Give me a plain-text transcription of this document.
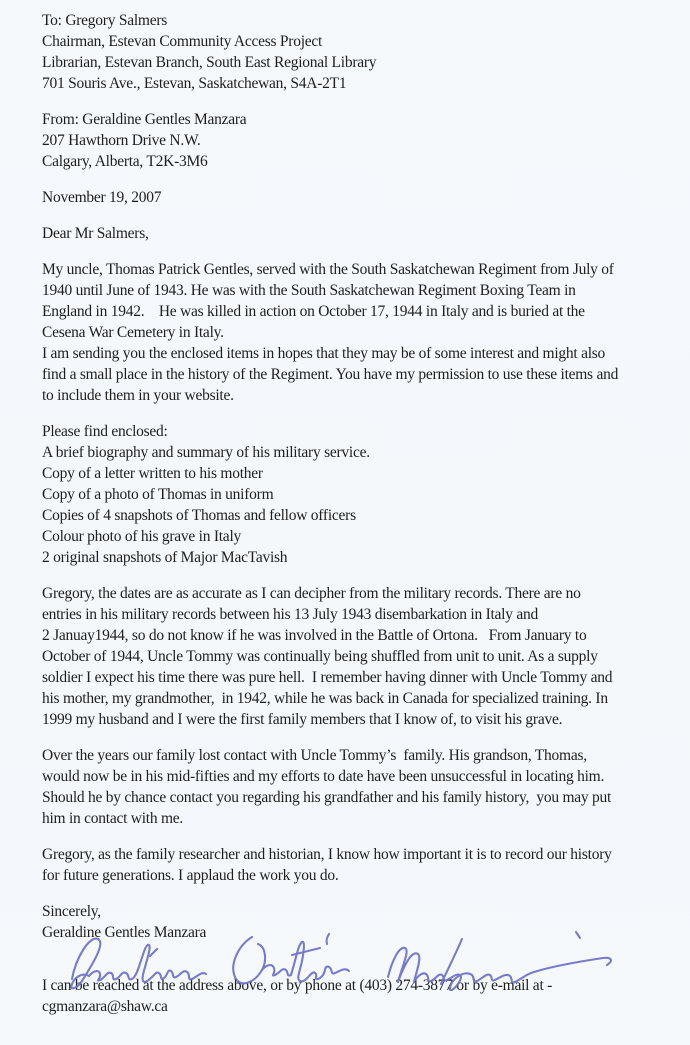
To: Gregory Salmers
Chairman, Estevan Community Access Project
Librarian, Estevan Branch, South East Regional Library
701 Souris Ave., Estevan, Saskatchewan, S4A-2T1
From: Geraldine Gentles Manzara
207 Hawthorn Drive N.W.
Calgary, Alberta, T2K-3M6
November 19, 2007
Dear Mr Salmers,
My uncle, Thomas Patrick Gentles, served with the South Saskatchewan Regiment from July of
1940 until June of 1943. He was with the South Saskatchewan Regiment Boxing Team in
England in 1942.    He was killed in action on October 17, 1944 in Italy and is buried at the
Cesena War Cemetery in Italy.
I am sending you the enclosed items in hopes that they may be of some interest and might also
find a small place in the history of the Regiment. You have my permission to use these items and
to include them in your website.
Please find enclosed:
A brief biography and summary of his military service.
Copy of a letter written to his mother
Copy of a photo of Thomas in uniform
Copies of 4 snapshots of Thomas and fellow officers
Colour photo of his grave in Italy
2 original snapshots of Major MacTavish
Gregory, the dates are as accurate as I can decipher from the military records. There are no
entries in his military records between his 13 July 1943 disembarkation in Italy and
2 Januay1944, so do not know if he was involved in the Battle of Ortona.   From January to
October of 1944, Uncle Tommy was continually being shuffled from unit to unit. As a supply
soldier I expect his time there was pure hell.  I remember having dinner with Uncle Tommy and
his mother, my grandmother,  in 1942, while he was back in Canada for specialized training. In
1999 my husband and I were the first family members that I know of, to visit his grave.
Over the years our family lost contact with Uncle Tommy’s  family. His grandson, Thomas,
would now be in his mid-fifties and my efforts to date have been unsuccessful in locating him.
Should he by chance contact you regarding his grandfather and his family history,  you may put
him in contact with me.
Gregory, as the family researcher and historian, I know how important it is to record our history
for future generations. I applaud the work you do.
Sincerely,
Geraldine Gentles Manzara
I can be reached at the address above, or by phone at (403) 274-3877 or by e-mail at -
cgmanzara@shaw.ca
